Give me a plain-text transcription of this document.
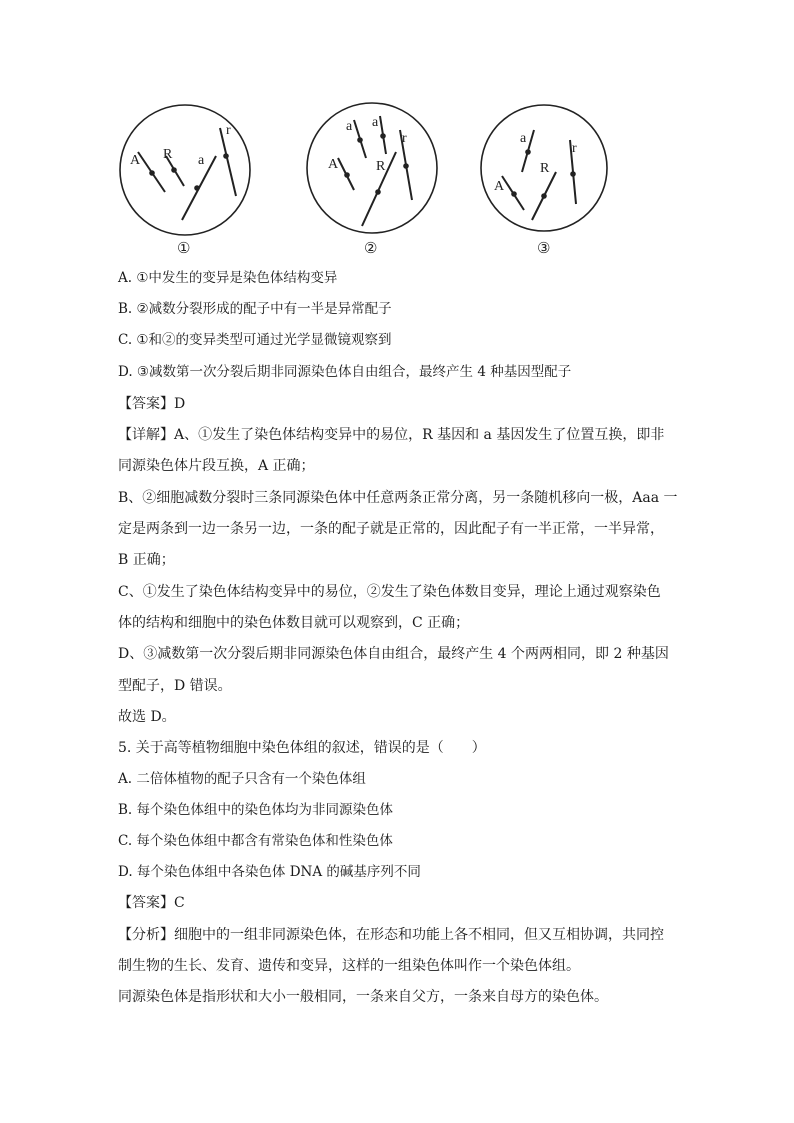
A R a
r
①
a a
A	R
r
②
a
r
A
R
③
A. ①中发生的变异是染色体结构变异
B. ②减数分裂形成的配子中有一半是异常配子
C. ①和②的变异类型可通过光学显微镜观察到
D. ③减数第一次分裂后期非同源染色体自由组合，最终产生 4 种基因型配子
【答案】D
【详解】A、①发生了染色体结构变异中的易位，R 基因和 a 基因发生了位置互换，即非
同源染色体片段互换，A 正确；
B、②细胞减数分裂时三条同源染色体中任意两条正常分离，另一条随机移向一极，Aaa 一
定是两条到一边一条另一边，一条的配子就是正常的，因此配子有一半正常，一半异常，
B 正确；
C、①发生了染色体结构变异中的易位，②发生了染色体数目变异，理论上通过观察染色
体的结构和细胞中的染色体数目就可以观察到，C 正确；
D、③减数第一次分裂后期非同源染色体自由组合，最终产生 4 个两两相同，即 2 种基因
型配子，D 错误。
故选 D。
5. 关于高等植物细胞中染色体组的叙述，错误的是（　　）
A. 二倍体植物的配子只含有一个染色体组
B. 每个染色体组中的染色体均为非同源染色体
C. 每个染色体组中都含有常染色体和性染色体
D. 每个染色体组中各染色体 DNA 的碱基序列不同
【答案】C
【分析】细胞中的一组非同源染色体，在形态和功能上各不相同，但又互相协调，共同控
制生物的生长、发育、遗传和变异，这样的一组染色体叫作一个染色体组。
同源染色体是指形状和大小一般相同，一条来自父方，一条来自母方的染色体。
